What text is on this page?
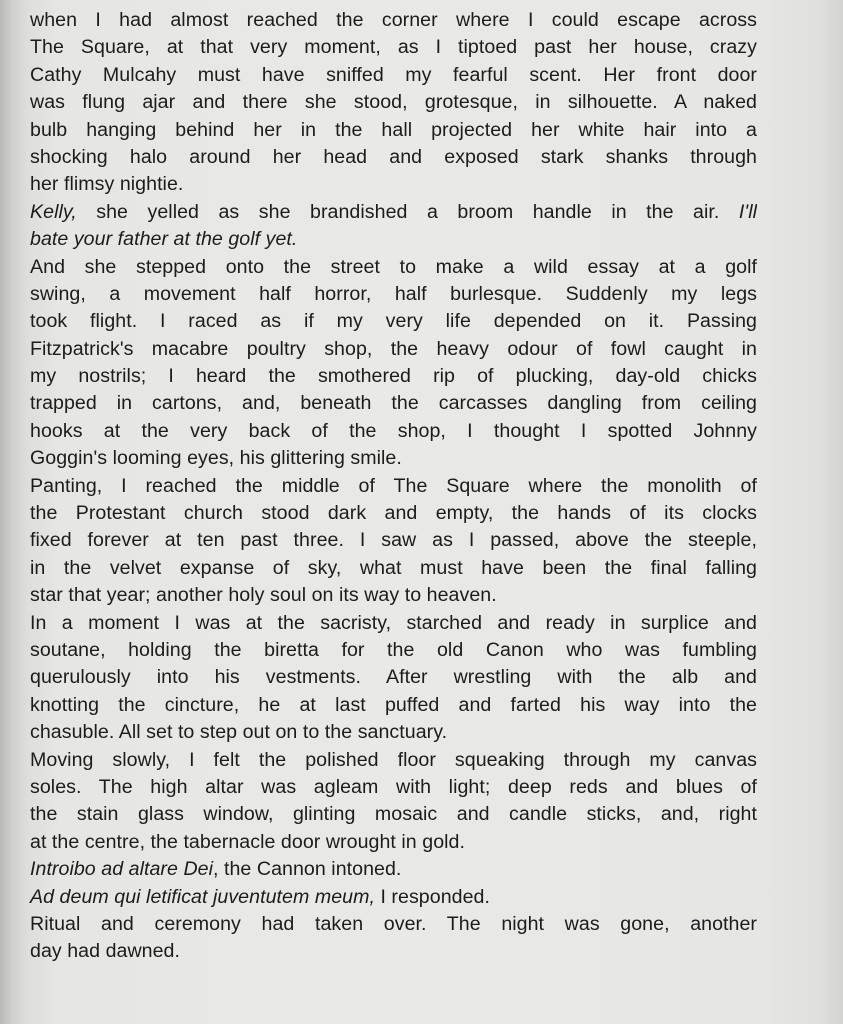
when I had almost reached the corner where I could escape across
The Square, at that very moment, as I tiptoed past her house, crazy
Cathy Mulcahy must have sniffed my fearful scent. Her front door
was flung ajar and there she stood, grotesque, in silhouette. A naked
bulb hanging behind her in the hall projected her white hair into a
shocking halo around her head and exposed stark shanks through
her flimsy nightie.
Kelly, she yelled as she brandished a broom handle in the air. I'll
bate your father at the golf yet.
And she stepped onto the street to make a wild essay at a golf
swing, a movement half horror, half burlesque. Suddenly my legs
took flight. I raced as if my very life depended on it. Passing
Fitzpatrick's macabre poultry shop, the heavy odour of fowl caught in
my nostrils; I heard the smothered rip of plucking, day-old chicks
trapped in cartons, and, beneath the carcasses dangling from ceiling
hooks at the very back of the shop, I thought I spotted Johnny
Goggin's looming eyes, his glittering smile.
Panting, I reached the middle of The Square where the monolith of
the Protestant church stood dark and empty, the hands of its clocks
fixed forever at ten past three. I saw as I passed, above the steeple,
in the velvet expanse of sky, what must have been the final falling
star that year; another holy soul on its way to heaven.
In a moment I was at the sacristy, starched and ready in surplice and
soutane, holding the biretta for the old Canon who was fumbling
querulously into his vestments. After wrestling with the alb and
knotting the cincture, he at last puffed and farted his way into the
chasuble. All set to step out on to the sanctuary.
Moving slowly, I felt the polished floor squeaking through my canvas
soles. The high altar was agleam with light; deep reds and blues of
the stain glass window, glinting mosaic and candle sticks, and, right
at the centre, the tabernacle door wrought in gold.
Introibo ad altare Dei, the Cannon intoned.
Ad deum qui letificat juventutem meum, I responded.
Ritual and ceremony had taken over. The night was gone, another
day had dawned.
